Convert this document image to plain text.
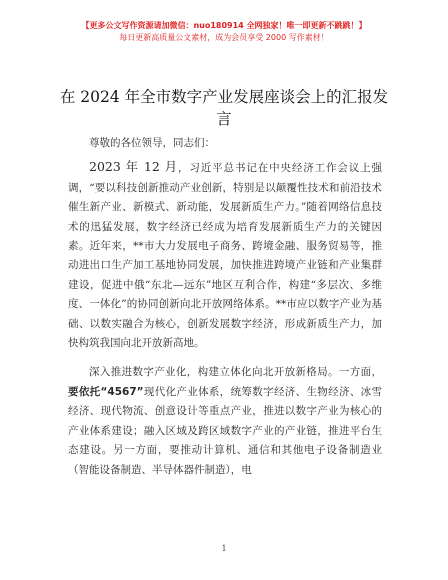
【更多公文写作资源请加微信：nuo180914 全网独家！唯一即更新不跳跳！】
每日更新高质量公文素材，成为会员享受 2000 写作素材！
在 2024 年全市数字产业发展座谈会上的汇报发言

尊敬的各位领导，同志们：

2023 年 12 月，习近平总书记在中央经济工作会议上强调，“要以科技创新推动产业创新，特别是以颠覆性技术和前沿技术催生新产业、新模式、新动能，发展新质生产力。”随着网络信息技术的迅猛发展，数字经济已经成为培育发展新质生产力的关键因素。近年来，**市大力发展电子商务、跨境金融、服务贸易等，推动进出口生产加工基地协同发展，加快推进跨境产业链和产业集群建设，促进中俄“东北—远东”地区互利合作，构建“多层次、多维度、一体化”的协同创新向北开放网络体系。**市应以数字产业为基础、以数实融合为核心，创新发展数字经济，形成新质生产力，加快构筑我国向北开放新高地。

深入推进数字产业化，构建立体化向北开放新格局。一方面，要依托“4567”现代化产业体系，统筹数字经济、生物经济、冰雪经济、现代物流、创意设计等重点产业，推进以数字产业为核心的产业体系建设；融入区域及跨区域数字产业的产业链，推进平台生态建设。另一方面，要推动计算机、通信和其他电子设备制造业（智能设备制造、半导体器件制造），电

1
